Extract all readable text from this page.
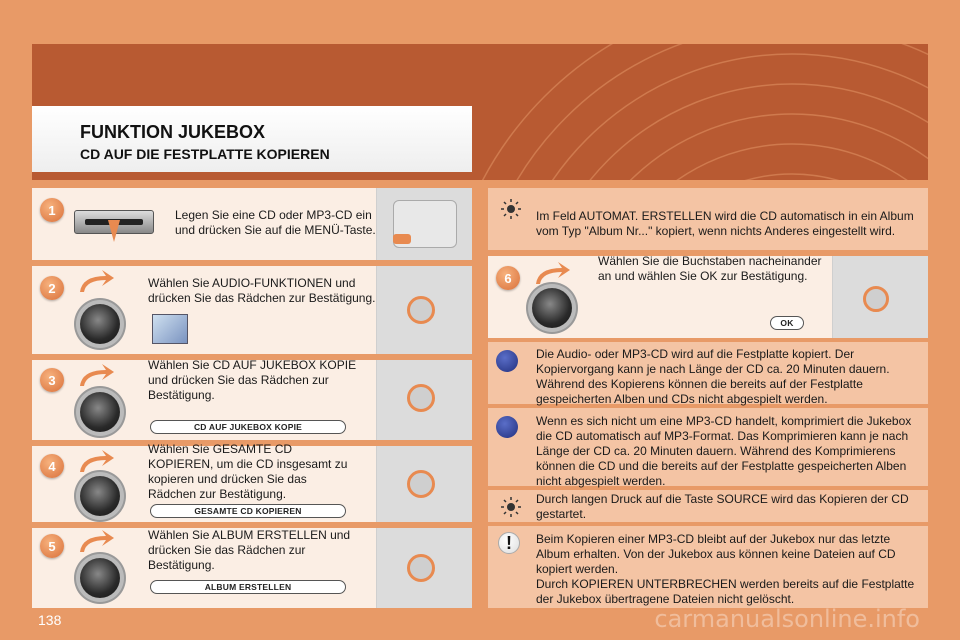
FUNKTION JUKEBOX
CD AUF DIE FESTPLATTE KOPIEREN
1	Legen Sie eine CD oder MP3-CD ein und drücken Sie auf die MENÜ-Taste.
2	Wählen Sie AUDIO-FUNKTIONEN und drücken Sie das Rädchen zur Bestätigung.
3
Wählen Sie CD AUF JUKEBOX KOPIE und drücken Sie das Rädchen zur Bestätigung.
CD AUF JUKEBOX KOPIE
4
Wählen Sie GESAMTE CD KOPIEREN, um die CD insgesamt zu kopieren und drücken Sie das Rädchen zur Bestätigung.
GESAMTE CD KOPIEREN
5
Wählen Sie ALBUM ERSTELLEN und drücken Sie das Rädchen zur Bestätigung.
ALBUM ERSTELLEN
Im Feld AUTOMAT. ERSTELLEN wird die CD automatisch in ein Album vom Typ "Album Nr..." kopiert, wenn nichts Anderes eingestellt wird.
6
Wählen Sie die Buchstaben nacheinander an und wählen Sie OK zur Bestätigung.
OK
Die Audio- oder MP3-CD wird auf die Festplatte kopiert. Der Kopiervorgang kann je nach Länge der CD ca. 20 Minuten dauern. Während des Kopierens können die bereits auf der Festplatte gespeicherten Alben und CDs nicht abgespielt werden.
Wenn es sich nicht um eine MP3-CD handelt, komprimiert die Jukebox die CD automatisch auf MP3-Format. Das Komprimieren kann je nach Länge der CD ca. 20 Minuten dauern. Während des Komprimierens können die CD und die bereits auf der Festplatte gespeicherten Alben nicht abgespielt werden.
Durch langen Druck auf die Taste SOURCE wird das Kopieren der CD gestartet.
!	Beim Kopieren einer MP3-CD bleibt auf der Jukebox nur das letzte Album erhalten. Von der Jukebox aus können keine Dateien auf CD kopiert werden.
Durch KOPIEREN UNTERBRECHEN werden bereits auf die Festplatte der Jukebox übertragene Dateien nicht gelöscht.
138	carmanualsonline.info
